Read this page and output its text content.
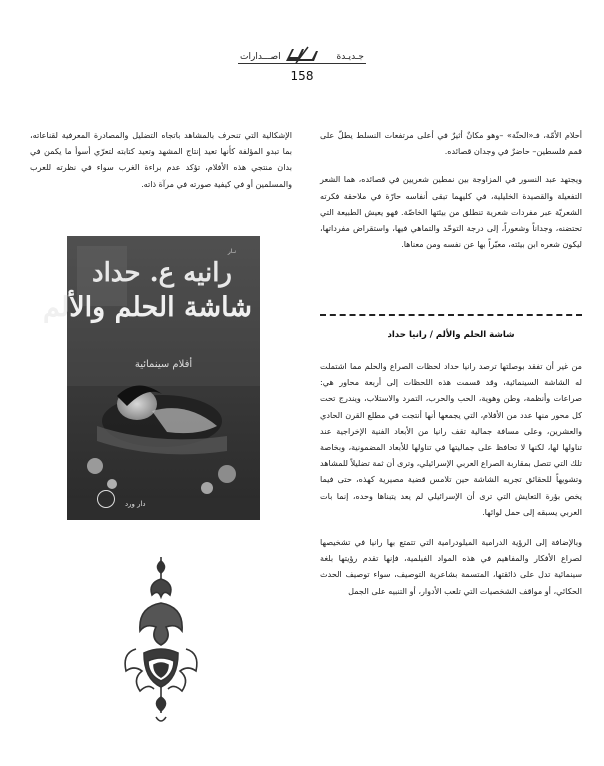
اصـــدارات	جـديـدة
158

أحلام الأمّة، فـ«الحنّة» –وهو مكانٌ أثيرٌ في أعلى مرتفعات النسلط يطلّ على قمم فلسطين– حاضرٌ في وجدان قصائده.

ويجتهد عبد النسور في المزاوجة بين نمطين شعريين في قصائده، هما الشعر التفعيلة والقصيدة الخليلية، في كليهما تبقى أنفاسه حارّة في ملاحقة فكرته الشعريّة عبر مفردات شعرية تنطلق من بيئتها الخاصّة. فهو يعيش الطبيعة التي تحتضنه، وجداناً وشعوراً، إلى درجة التوحّد والتماهي فيها، واستقراض مفرداتها، ليكون شعره ابن بيئته، معبّراً بها عن نفسه ومن معناها.

شاشة الحلم والألم / رانيا حداد

من غير أن تفقد بوصلتها ترصد رانيا حداد لحظات الصراع والحلم مما اشتملت له الشاشة السينمائية، وقد قسمت هذه اللحظات إلى أربعة محاور هي: صراعات وأنظمة، وطن وهوية، الحب والحرب، التمرد والاستلاب، ويندرج تحت كل محور منها عدد من الأفلام، التي يجمعها أنها أنتجت في مطلع القرن الحادي والعشرين، وعلى مسافة جمالية تقف رانيا من الأبعاد الفنية الإخراجية عند تناولها لها، لكنها لا تحافظ على جماليتها في تناولها للأبعاد المضمونية، وبخاصة تلك التي تتصل بمقاربة الصراع العربي الإسرائيلي، وترى أن ثمة تضليلاً للمشاهد وتشويهاً للحقائق تجريه الشاشة حين تلامس قضية مصيرية كهذه، حتى فيما يخص بؤرة التعايش التي ترى أن الإسرائيلي لم يعد يتبناها وحده، إنما بات العربي يسبقه إلى حمل لوائها.

وبالإضافة إلى الرؤية الدرامية الميلودرامية التي تتمتع بها رانيا في تشخيصها لصراع الأفكار والمفاهيم في هذه المواد الفيلمية، فإنها تقدم رؤيتها بلغة سينمائية تدل على ذائقتها، المتسمة بشاعرية التوصيف، سواء توصيف الحدث الحكائي، أو مواقف الشخصيات التي تلعب الأدوار، أو التنبيه على الجمل

الإشكالية التي تنحرف بالمشاهد باتجاه التضليل والمصادرة المعرفية لقناعاته، بما تبدو المؤلفة كأنها تعيد إنتاج المشهد وتعيد كتابته لتعرّي أسوأ ما يكمن في بدان منتجي هذه الأفلام، تؤكد عدم براءة الغرب سواء في نظرته للعرب والمسلمين أو في كيفية صورته في مرآة ذاته.

نـار
رانيه ع. حداد
شاشة الحلم والألم
أفلام سينمائية
دار ورد
